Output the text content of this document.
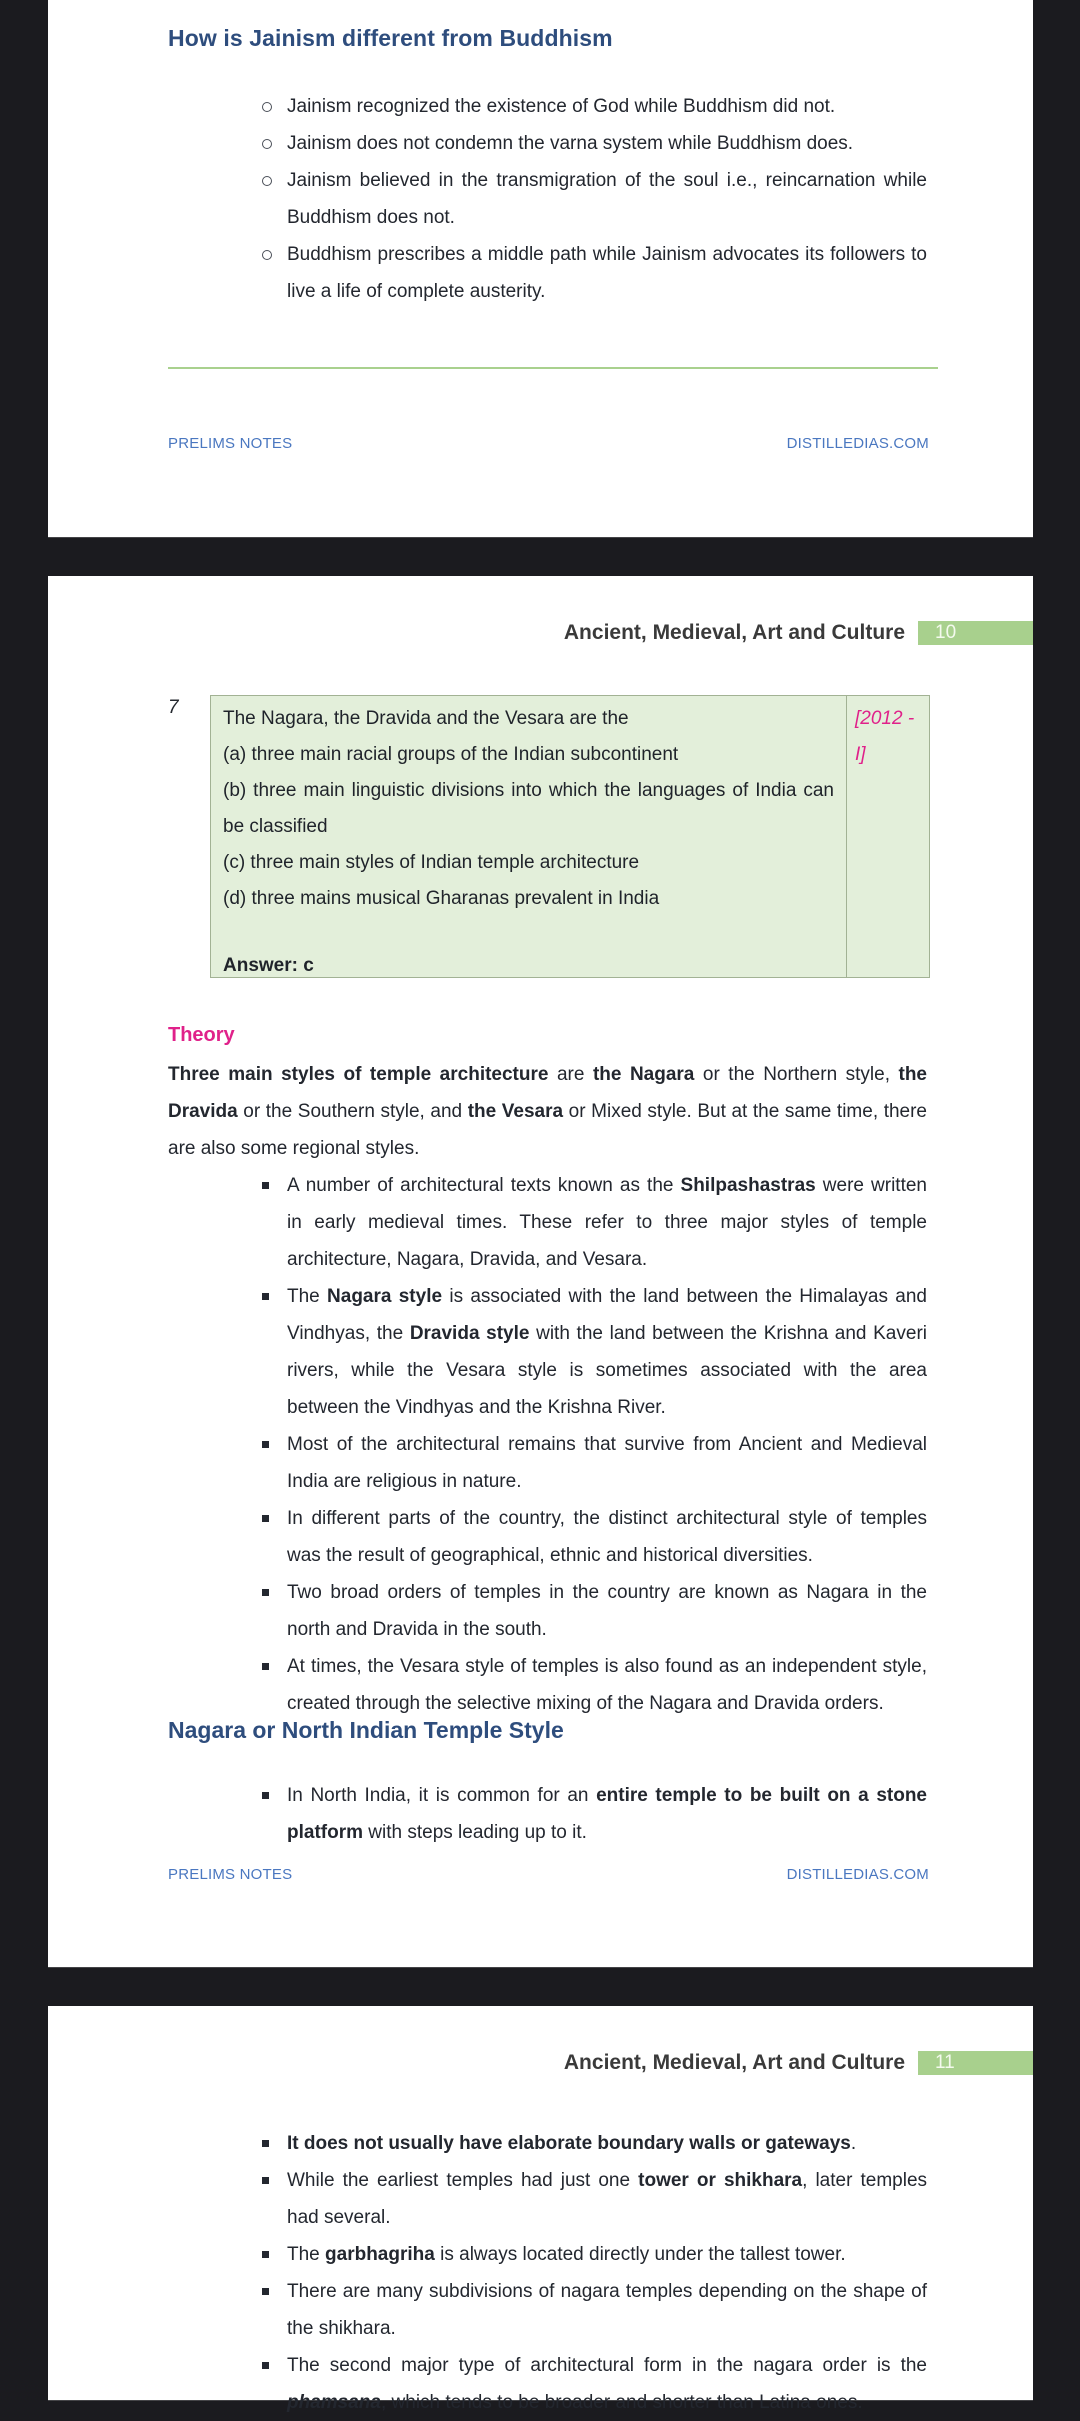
How is Jainism different from Buddhism
Jainism recognized the existence of God while Buddhism did not.
Jainism does not condemn the varna system while Buddhism does.
Jainism believed in the transmigration of the soul i.e., reincarnation while Buddhism does not.
Buddhism prescribes a middle path while Jainism advocates its followers to live a life of complete austerity.
PRELIMS NOTES	DISTILLEDIAS.COM
Ancient, Medieval, Art and Culture	10
7

The Nagara, the Dravida and the Vesara are the

(a) three main racial groups of the Indian subcontinent

(b) three main linguistic divisions into which the languages of India can be classified

(c) three main styles of Indian temple architecture

(d) three mains musical Gharanas prevalent in India

Answer: c

[2012 - I]
Theory

Three main styles of temple architecture are the Nagara or the Northern style, the Dravida or the Southern style, and the Vesara or Mixed style. But at the same time, there are also some regional styles.

A number of architectural texts known as the Shilpashastras were written in early medieval times. These refer to three major styles of temple architecture, Nagara, Dravida, and Vesara.
The Nagara style is associated with the land between the Himalayas and Vindhyas, the Dravida style with the land between the Krishna and Kaveri rivers, while the Vesara style is sometimes associated with the area between the Vindhyas and the Krishna River.
Most of the architectural remains that survive from Ancient and Medieval India are religious in nature.
In different parts of the country, the distinct architectural style of temples was the result of geographical, ethnic and historical diversities.
Two broad orders of temples in the country are known as Nagara in the north and Dravida in the south.
At times, the Vesara style of temples is also found as an independent style, created through the selective mixing of the Nagara and Dravida orders.
Nagara or North Indian Temple Style
In North India, it is common for an entire temple to be built on a stone platform with steps leading up to it.
PRELIMS NOTES	DISTILLEDIAS.COM
Ancient, Medieval, Art and Culture	11
It does not usually have elaborate boundary walls or gateways.
While the earliest temples had just one tower or shikhara, later temples had several.
The garbhagriha is always located directly under the tallest tower.
There are many subdivisions of nagara temples depending on the shape of the shikhara.
The second major type of architectural form in the nagara order is the phamsana, which tends to be broader and shorter than Latina ones.
